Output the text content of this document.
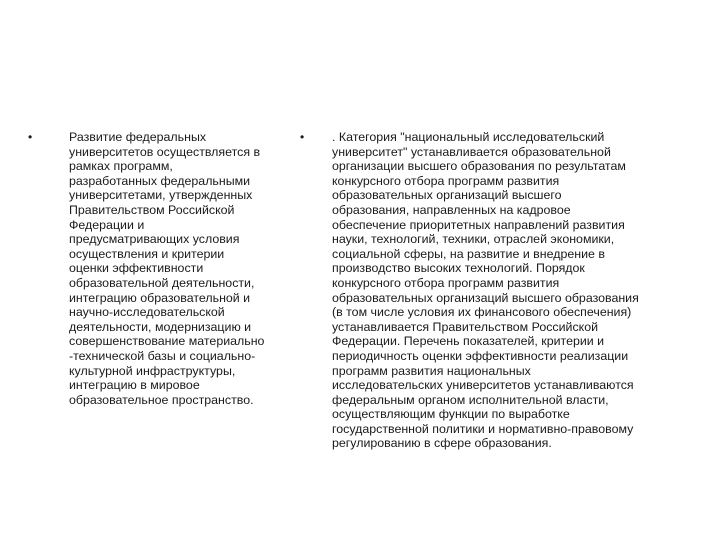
•	Развитие федеральных
университетов осуществляется в
рамках программ,
разработанных федеральными
университетами, утвержденных
Правительством Российской
Федерации и
предусматривающих условия
осуществления и критерии
оценки эффективности
образовательной деятельности,
интеграцию образовательной и
научно-исследовательской
деятельности, модернизацию и
совершенствование материально
-технической базы и социально-
культурной инфраструктуры,
интеграцию в мировое
образовательное пространство.
•	. Категория "национальный исследовательский
университет" устанавливается образовательной
организации высшего образования по результатам
конкурсного отбора программ развития
образовательных организаций высшего
образования, направленных на кадровое
обеспечение приоритетных направлений развития
науки, технологий, техники, отраслей экономики,
социальной сферы, на развитие и внедрение в
производство высоких технологий. Порядок
конкурсного отбора программ развития
образовательных организаций высшего образования
(в том числе условия их финансового обеспечения)
устанавливается Правительством Российской
Федерации. Перечень показателей, критерии и
периодичность оценки эффективности реализации
программ развития национальных
исследовательских университетов устанавливаются
федеральным органом исполнительной власти,
осуществляющим функции по выработке
государственной политики и нормативно-правовому
регулированию в сфере образования.
